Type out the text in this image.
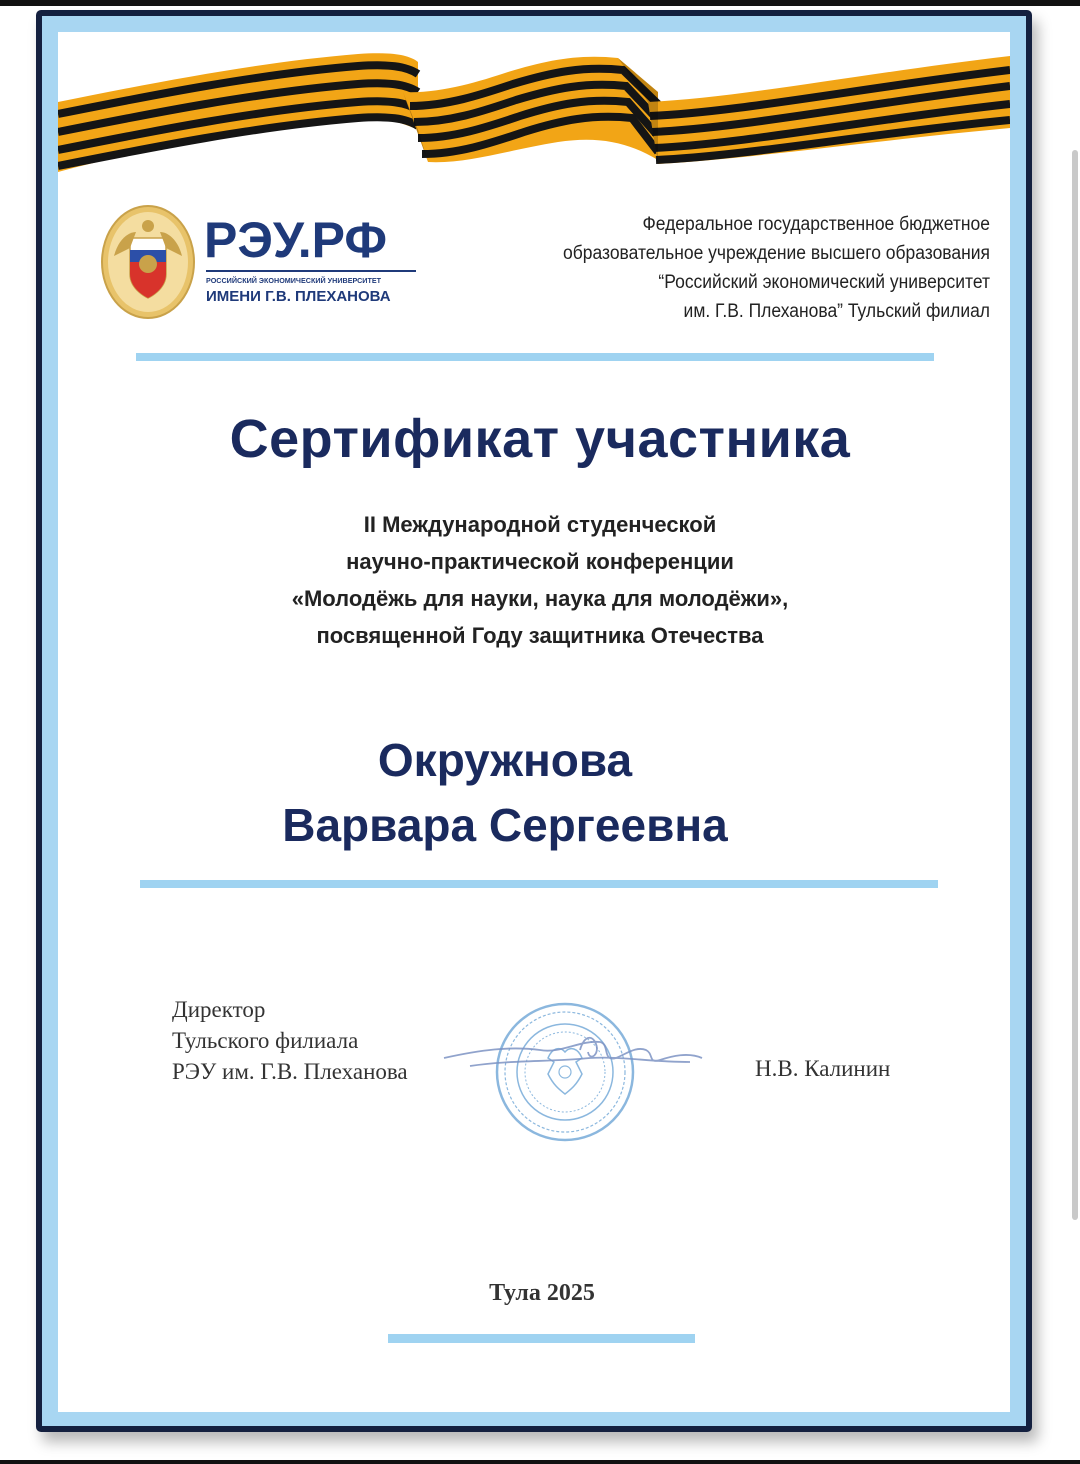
РЭУ.РФ
РОССИЙСКИЙ ЭКОНОМИЧЕСКИЙ УНИВЕРСИТЕТ
ИМЕНИ Г.В. ПЛЕХАНОВА
Федеральное государственное бюджетное
образовательное учреждение высшего образования
“Российский экономический университет
им. Г.В. Плеханова” Тульский филиал
Сертификат участника
II Международной студенческой
научно-практической конференции
«Молодёжь для науки, наука для молодёжи»,
посвященной Году защитника Отечества
Окружнова
Варвара Сергеевна
Директор
Тульского филиала
РЭУ им. Г.В. Плеханова	Н.В. Калинин
Тула 2025
